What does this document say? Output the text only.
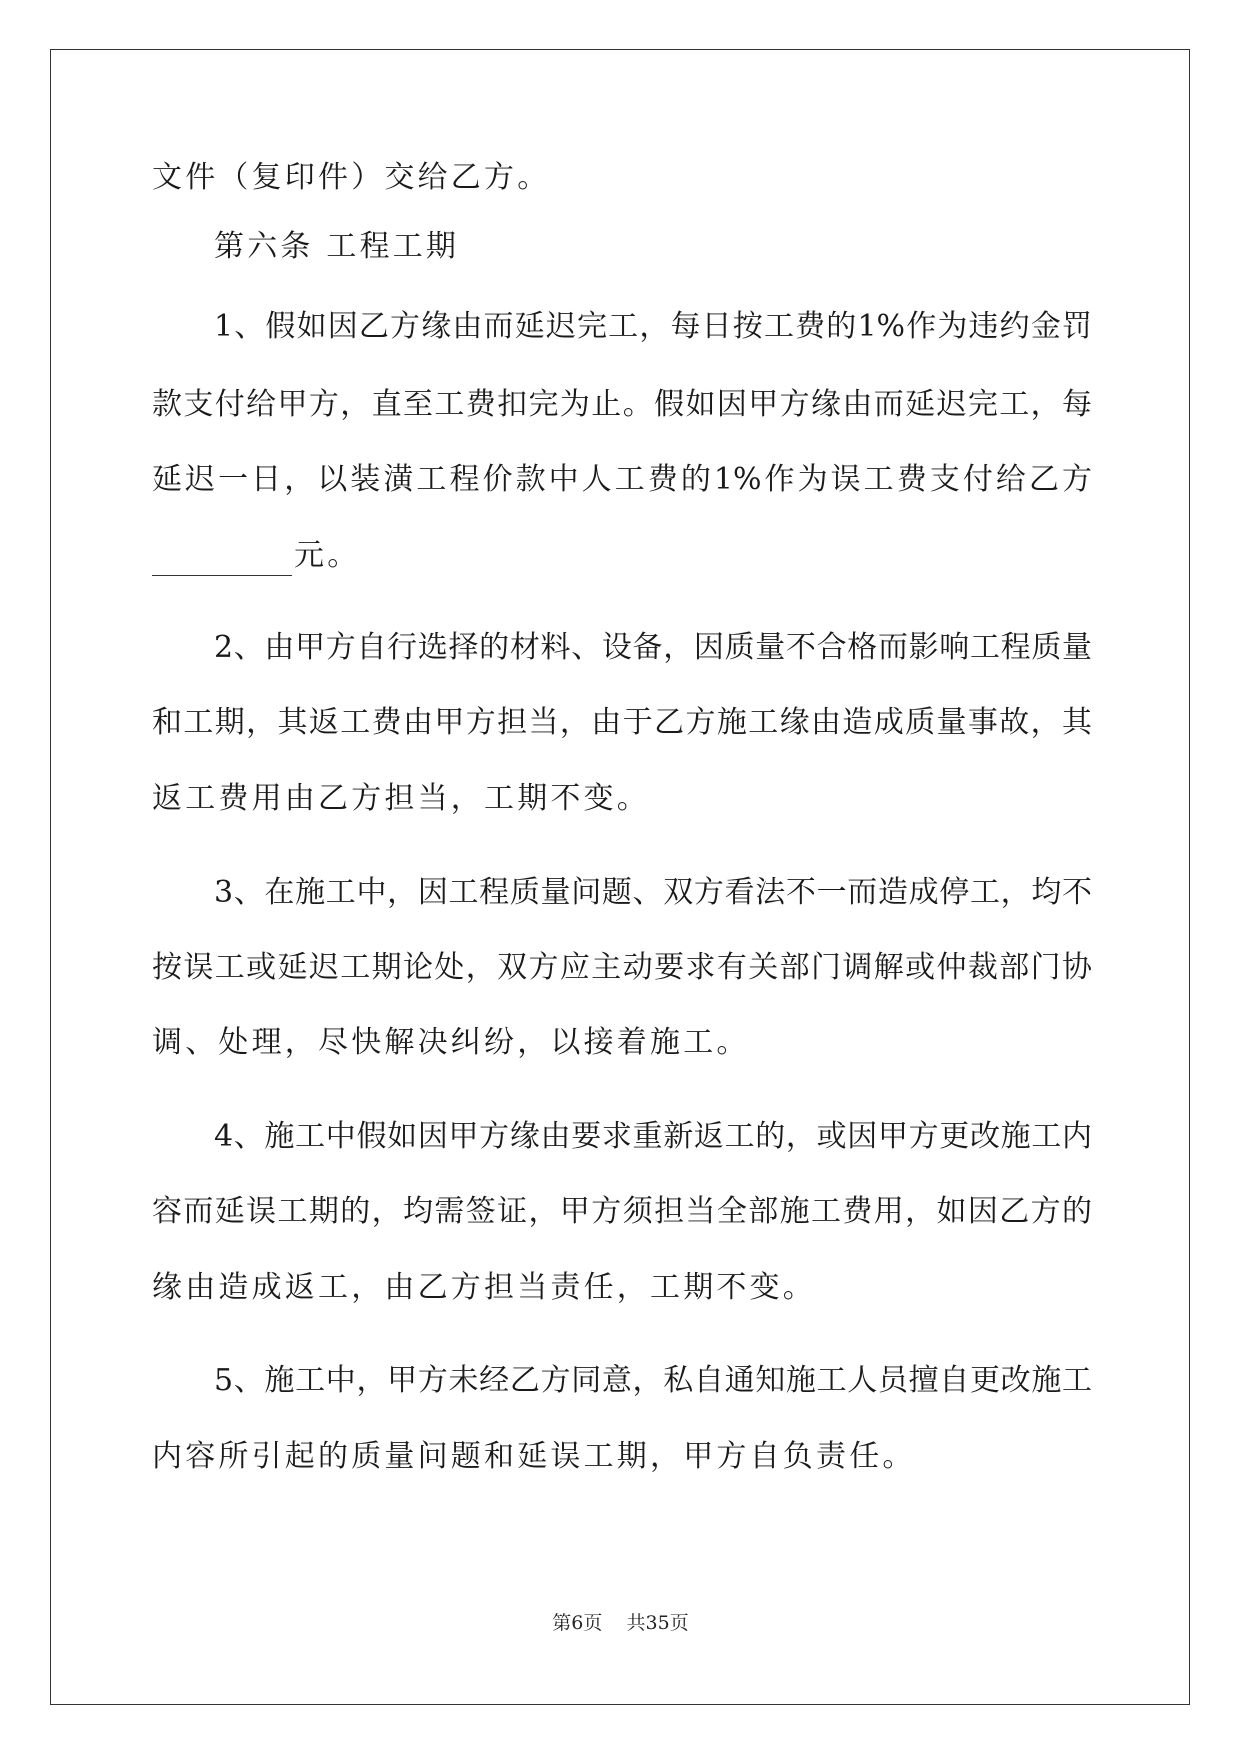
文件（复印件）交给乙方。
第六条 工程工期
1、假如因乙方缘由而延迟完工，每日按工费的1%作为违约金罚
款支付给甲方，直至工费扣完为止。假如因甲方缘由而延迟完工，每
延迟一日，以装潢工程价款中人工费的1%作为误工费支付给乙方
元。
2、由甲方自行选择的材料、设备，因质量不合格而影响工程质量
和工期，其返工费由甲方担当，由于乙方施工缘由造成质量事故，其
返工费用由乙方担当，工期不变。
3、在施工中，因工程质量问题、双方看法不一而造成停工，均不
按误工或延迟工期论处，双方应主动要求有关部门调解或仲裁部门协
调、处理，尽快解决纠纷，以接着施工。
4、施工中假如因甲方缘由要求重新返工的，或因甲方更改施工内
容而延误工期的，均需签证，甲方须担当全部施工费用，如因乙方的
缘由造成返工，由乙方担当责任，工期不变。
5、施工中，甲方未经乙方同意，私自通知施工人员擅自更改施工
内容所引起的质量问题和延误工期，甲方自负责任。
第6页 共35页
